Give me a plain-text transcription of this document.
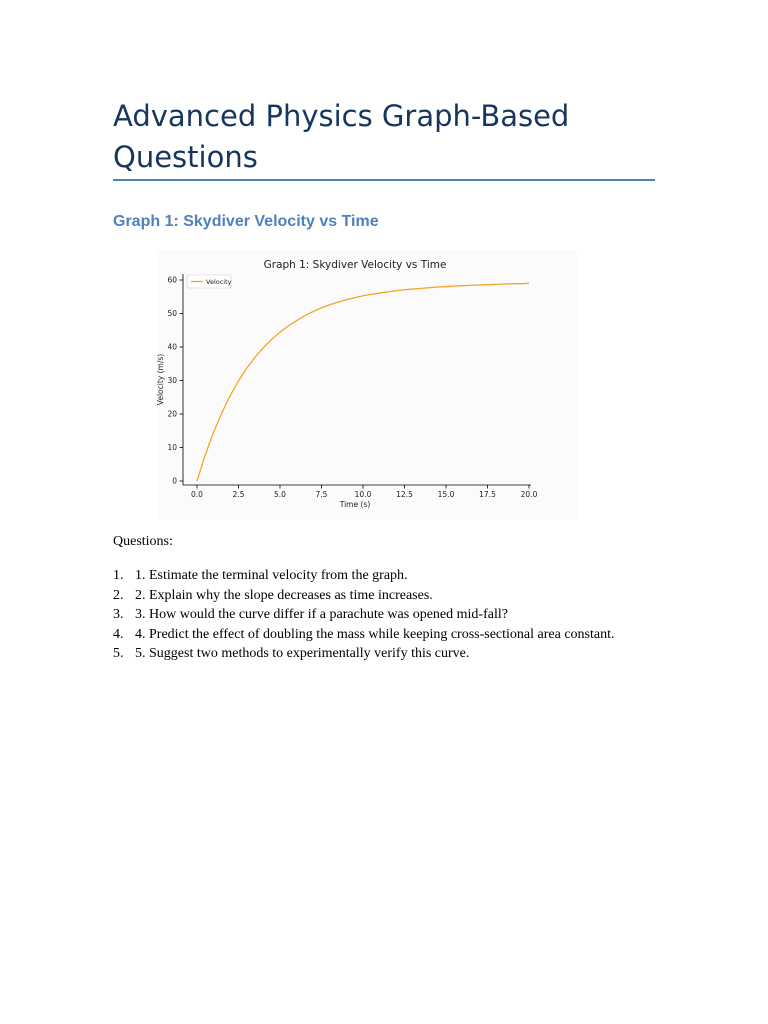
Advanced Physics Graph-Based Questions
Graph 1: Skydiver Velocity vs Time
Graph 1: Skydiver Velocity vs Time
0.0	2.5	5.0	7.5	10.0	12.5	15.0	17.5	20.0
0
10
20
30
40
50
60
Time (s)
Velocity (m/s)
Velocity

Questions:

1. 1. Estimate the terminal velocity from the graph.
2. 2. Explain why the slope decreases as time increases.
3. 3. How would the curve differ if a parachute was opened mid-fall?
4. 4. Predict the effect of doubling the mass while keeping cross-sectional area constant.
5. 5. Suggest two methods to experimentally verify this curve.
